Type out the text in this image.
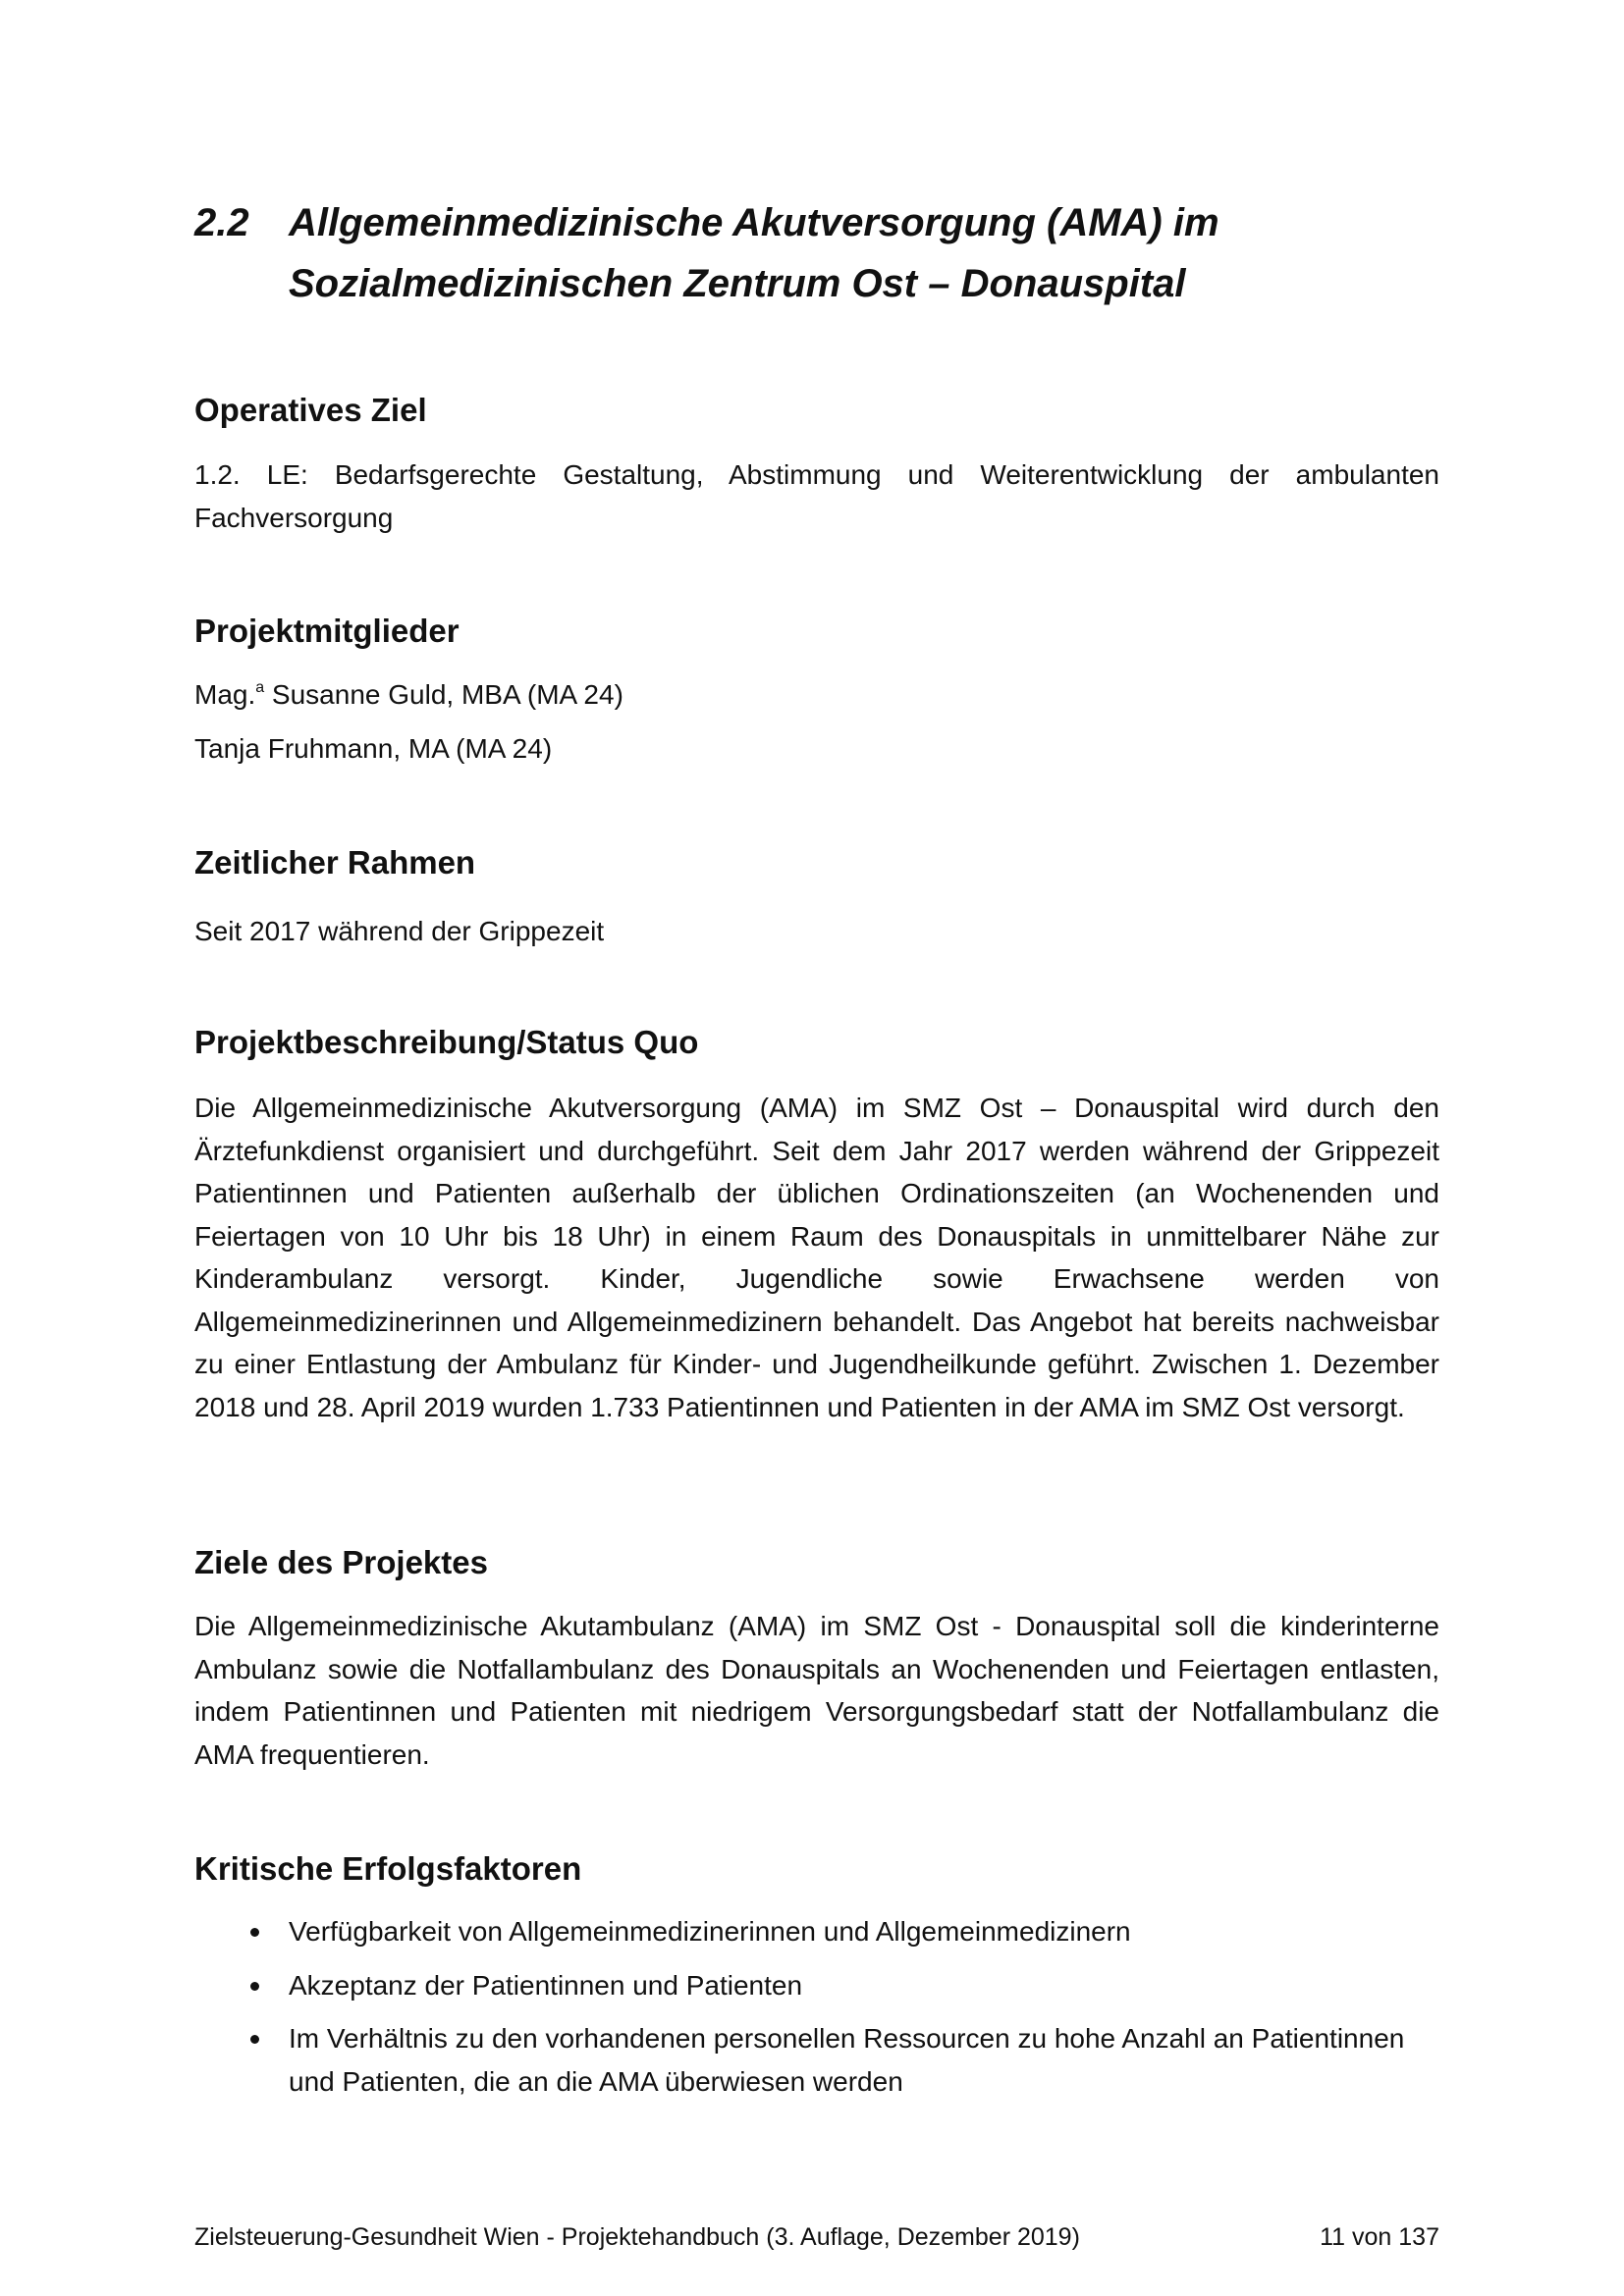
2.2 Allgemeinmedizinische Akutversorgung (AMA) im
Sozialmedizinischen Zentrum Ost – Donauspital
Operatives Ziel

1.2. LE: Bedarfsgerechte Gestaltung, Abstimmung und Weiterentwicklung der ambulanten Fachversorgung

Projektmitglieder

Mag.$^a$ Susanne Guld, MBA (MA 24)

Tanja Fruhmann, MA (MA 24)

Zeitlicher Rahmen

Seit 2017 während der Grippezeit

Projektbeschreibung/Status Quo

Die Allgemeinmedizinische Akutversorgung (AMA) im SMZ Ost – Donauspital wird durch den Ärztefunkdienst organisiert und durchgeführt. Seit dem Jahr 2017 werden während der Grippezeit Patientinnen und Patienten außerhalb der üblichen Ordinationszeiten (an Wochenenden und Feiertagen von 10 Uhr bis 18 Uhr) in einem Raum des Donauspitals in unmittelbarer Nähe zur Kinderambulanz versorgt. Kinder, Jugendliche sowie Erwachsene werden von Allgemeinmedizinerinnen und Allgemeinmedizinern behandelt. Das Angebot hat bereits nachweisbar zu einer Entlastung der Ambulanz für Kinder- und Jugendheilkunde geführt. Zwischen 1. Dezember 2018 und 28. April 2019 wurden 1.733 Patientinnen und Patienten in der AMA im SMZ Ost versorgt.

Ziele des Projektes

Die Allgemeinmedizinische Akutambulanz (AMA) im SMZ Ost - Donauspital soll die kinderinterne Ambulanz sowie die Notfallambulanz des Donauspitals an Wochenenden und Feiertagen entlasten, indem Patientinnen und Patienten mit niedrigem Versorgungsbedarf statt der Notfallambulanz die AMA frequentieren.

Kritische Erfolgsfaktoren
Verfügbarkeit von Allgemeinmedizinerinnen und Allgemeinmedizinern
Akzeptanz der Patientinnen und Patienten
Im Verhältnis zu den vorhandenen personellen Ressourcen zu hohe Anzahl an Patientinnen und Patienten, die an die AMA überwiesen werden
Zielsteuerung-Gesundheit Wien - Projektehandbuch (3. Auflage, Dezember 2019)	11 von 137
